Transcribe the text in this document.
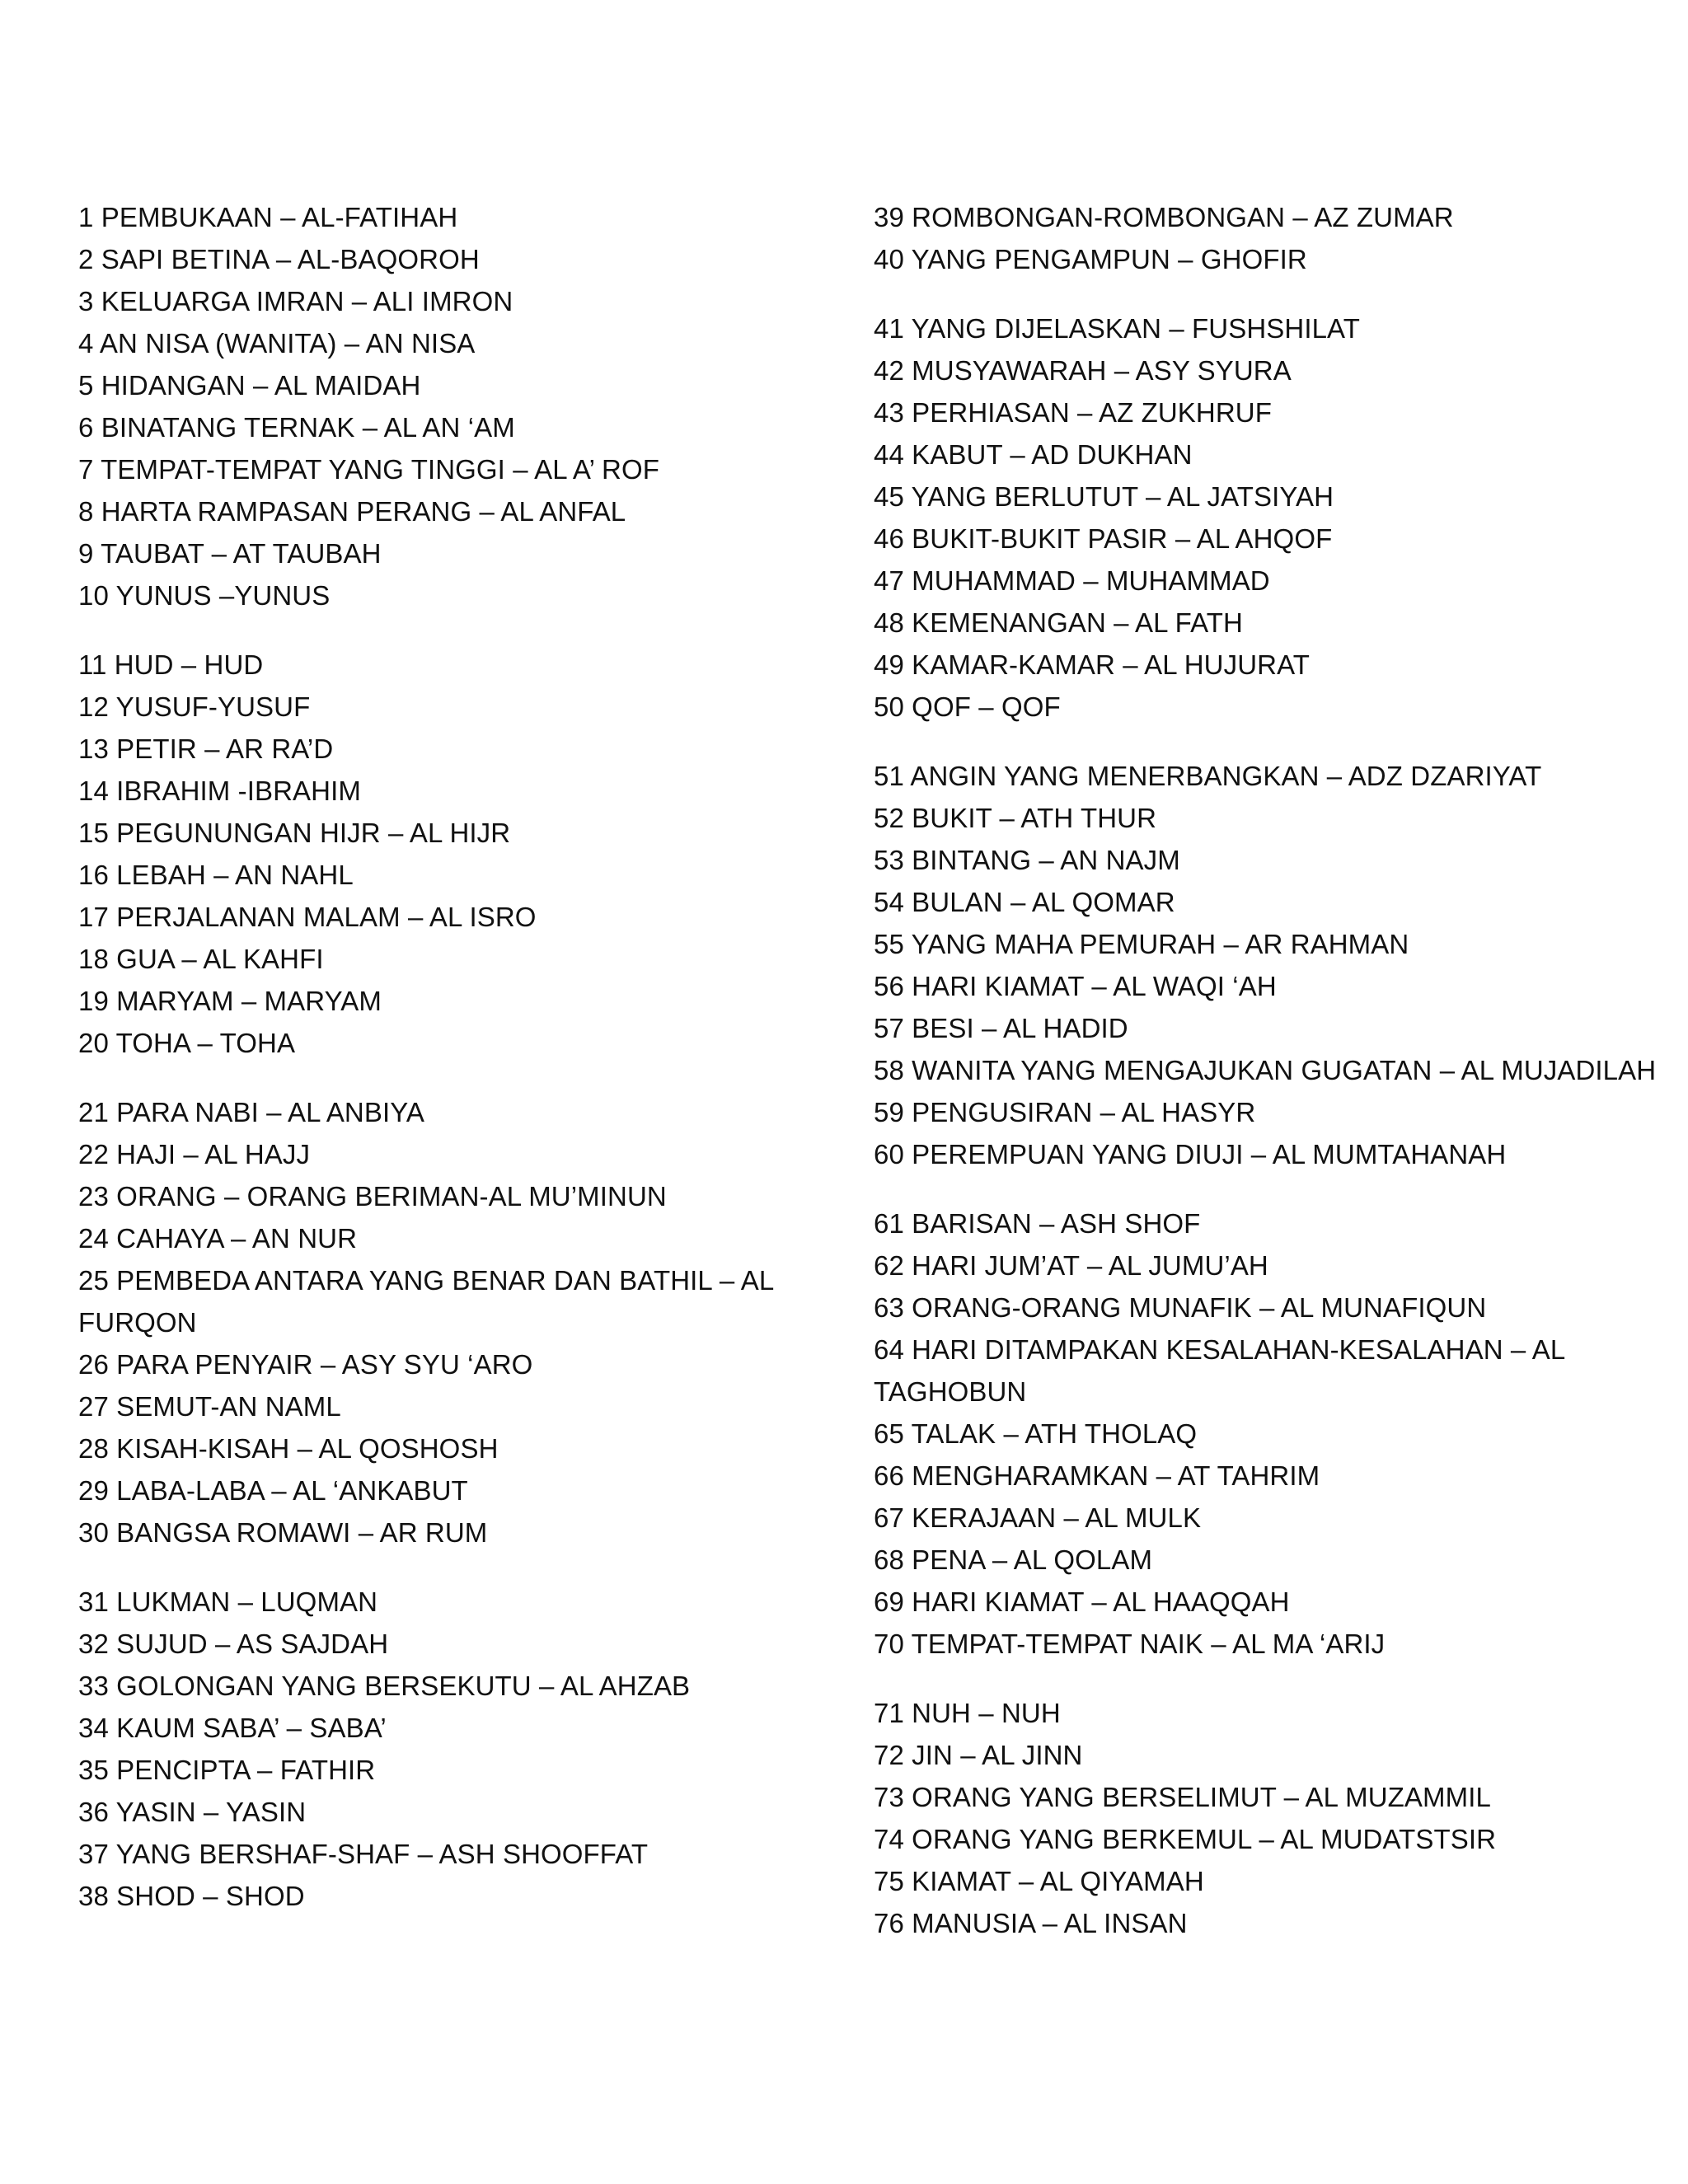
1 PEMBUKAAN – AL-FATIHAH
2 SAPI BETINA – AL-BAQOROH
3 KELUARGA IMRAN – ALI IMRON
4 AN NISA (WANITA) – AN NISA
5 HIDANGAN – AL MAIDAH
6 BINATANG TERNAK – AL AN ‘AM
7 TEMPAT-TEMPAT YANG TINGGI – AL A’ ROF
8 HARTA RAMPASAN PERANG – AL ANFAL
9 TAUBAT – AT TAUBAH
10 YUNUS –YUNUS
11 HUD – HUD
12 YUSUF-YUSUF
13 PETIR – AR RA’D
14 IBRAHIM -IBRAHIM
15 PEGUNUNGAN HIJR – AL HIJR
16 LEBAH – AN NAHL
17 PERJALANAN MALAM – AL ISRO
18 GUA – AL KAHFI
19 MARYAM – MARYAM
20 TOHA – TOHA
21 PARA NABI – AL ANBIYA
22 HAJI – AL HAJJ
23 ORANG – ORANG BERIMAN-AL MU’MINUN
24 CAHAYA – AN NUR
25 PEMBEDA ANTARA YANG BENAR DAN BATHIL – AL FURQON
26 PARA PENYAIR – ASY SYU ‘ARO
27 SEMUT-AN NAML
28 KISAH-KISAH – AL QOSHOSH
29 LABA-LABA – AL ‘ANKABUT
30 BANGSA ROMAWI – AR RUM
31 LUKMAN – LUQMAN
32 SUJUD – AS SAJDAH
33 GOLONGAN YANG BERSEKUTU – AL AHZAB
34 KAUM SABA’ – SABA’
35 PENCIPTA – FATHIR
36 YASIN – YASIN
37 YANG BERSHAF-SHAF – ASH SHOOFFAT
38 SHOD – SHOD
39 ROMBONGAN-ROMBONGAN – AZ ZUMAR
40 YANG PENGAMPUN – GHOFIR
41 YANG DIJELASKAN – FUSHSHILAT
42 MUSYAWARAH – ASY SYURA
43 PERHIASAN – AZ ZUKHRUF
44 KABUT – AD DUKHAN
45 YANG BERLUTUT – AL JATSIYAH
46 BUKIT-BUKIT PASIR – AL AHQOF
47 MUHAMMAD – MUHAMMAD
48 KEMENANGAN – AL FATH
49 KAMAR-KAMAR – AL HUJURAT
50 QOF – QOF
51 ANGIN YANG MENERBANGKAN – ADZ DZARIYAT
52 BUKIT – ATH THUR
53 BINTANG – AN NAJM
54 BULAN – AL QOMAR
55 YANG MAHA PEMURAH – AR RAHMAN
56 HARI KIAMAT – AL WAQI ‘AH
57 BESI – AL HADID
58 WANITA YANG MENGAJUKAN GUGATAN – AL MUJADILAH
59 PENGUSIRAN – AL HASYR
60 PEREMPUAN YANG DIUJI – AL MUMTAHANAH
61 BARISAN – ASH SHOF
62 HARI JUM’AT – AL JUMU’AH
63 ORANG-ORANG MUNAFIK – AL MUNAFIQUN
64 HARI DITAMPAKAN KESALAHAN-KESALAHAN – AL TAGHOBUN
65 TALAK – ATH THOLAQ
66 MENGHARAMKAN – AT TAHRIM
67 KERAJAAN – AL MULK
68 PENA – AL QOLAM
69 HARI KIAMAT – AL HAAQQAH
70 TEMPAT-TEMPAT NAIK – AL MA ‘ARIJ
71 NUH – NUH
72 JIN – AL JINN
73 ORANG YANG BERSELIMUT – AL MUZAMMIL
74 ORANG YANG BERKEMUL – AL MUDATSTSIR
75 KIAMAT – AL QIYAMAH
76 MANUSIA – AL INSAN
